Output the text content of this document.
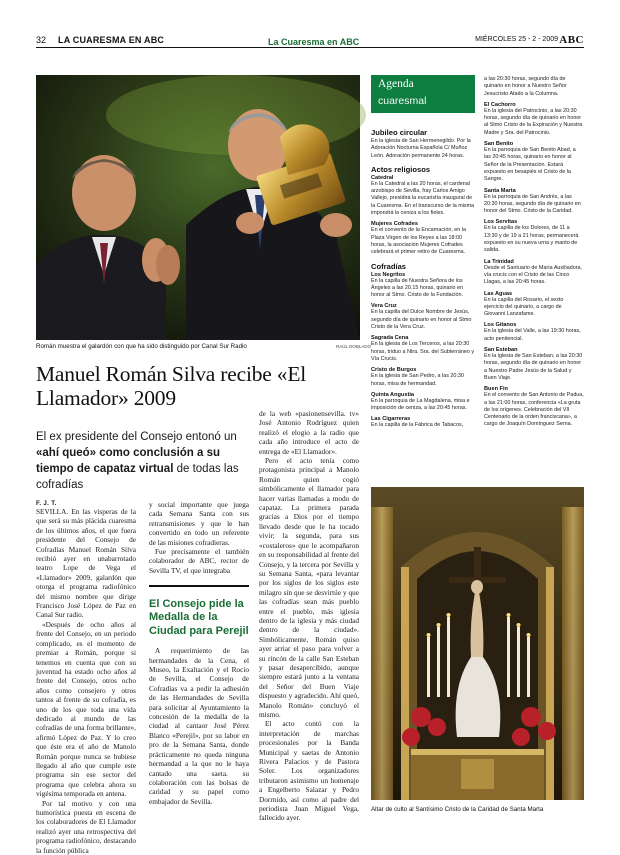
32 LA CUARESMA EN ABC	La Cuaresma en ABC	MIÉRCOLES 25 - 2 - 2009 ABC
Román muestra el galardón con que ha sido distinguido por Canal Sur Radio	RAÚL DOBLADO
Manuel Román Silva recibe «El Llamador» 2009
El ex presidente del Consejo entonó un «ahí queó» como conclusión a su tiempo de capataz virtual de todas las cofradías
F. J. T.

SEVILLA. En las vísperas de la que será su más plácida cuaresma de los últimos años, el que fuera presidente del Consejo de Cofradías Manuel Román Silva recibió ayer en unabarrotado teatro Lope de Vega el «Llamador» 2009, galardón que otorga el programa radiofónico del mismo nombre que dirige Francisco José López de Paz en Canal Sur radio.

«Después de ocho años al frente del Consejo, en un periodo complicado, es el momento de premiar a Román, porque si tenemos en cuenta que con su juventud ha estado ocho años al frente del Consejo, otros ocho años como consejero y otros tantos al frente de su cofradía, es uno de los que toda una vida dedicado al mundo de las cofradías de una forma brillante», afirmó López de Paz. Y lo creo que éste era el año de Manolo Román porque nunca se hubiese llegado al año que cumple este programa sin ese sector del programa que celebra ahora su vigésima temporada en antena.

Por tal motivo y con una humorística puesta en escena de los colaboradores de El Llamador realizó ayer una retrospectiva del programa radiofónico, destacando la función pública

y social importante que juega cada Semana Santa con sus retransmisiones y que le han convertido en todo un referente de las misiones cofradieras.

Fue precisamente el también colaborador de ABC, rector de Sevilla TV, el que integraba

El Consejo pide la Medalla de la Ciudad para Perejil

A requerimiento de las hermandades de la Cena, el Museo, la Exaltación y el Rocío de Sevilla, el Consejo de Cofradías va a pedir la adhesión de las Hermandades de Sevilla para solicitar al Ayuntamiento la concesión de la medalla de la ciudad al cantaor José Pérez Blanco «Perejil», por su labor en pro de la Semana Santa, donde prácticamente no queda ninguna hermandad a la que no le haya cantado una saeta. su colaboración con las bolsas de caridad y su papel como embajador de Sevilla.

de la web «pasionensevilla. tv» José Antonio Rodríguez quien realizó el elogio a la radio que cada año introduce el acto de entrega de «El Llamador».

Pero el acto tenía como protagonista principal a Manolo Román quien cogió simbólicamente el llamador para hacer varias llamadas a modo de capataz. La primera parada gracias a Dios por el tiempo llevado desde que le ha tocado vivir; la segunda, para sus «costaleros» que le acompañaron en su responsabilidad al frente del Consejo, y la tercera por Sevilla y su Semana Santa, «para levantar por los siglos de los siglos este milagro sin que se desvirtúe y que las cofradías sean más pueblo entre el pueblo, más iglesia dentro de la iglesia y más ciudad dentro de la ciudad». Simbólicamente, Román quiso ayer arriar el paso para volver a su rincón de la calle San Esteban y pasar desapercibido, aunque siempre estará junto a la ventana del Señor del Buen Viaje dispuesto y agradecido. Ahí queó, Manolo Román» concluyó el mismo.

El acto contó con la interpretación de marchas procesionales por la Banda Municipal y saetas de Antonio Rivera Palacios y de Pastora Soler. Los organizadores tributaron asimismo un homenaje a Engelberto Salazar y Pedro Dorrnido, así como al padre del periodista Juan Miguel Vega, fallecido ayer.

Agenda
cuaresmal
Jubileo circular
En la iglesia de San Hermenegildo. Por la Adoración Nocturna Española C/ Muñoz León. Adoración permanente 24 horas.
Actos religiosos
Catedral
En la Catedral a las 20 horas, el cardenal arzobispo de Sevilla, fray Carlos Amigo Vallejo, presidirá la eucaristía inaugural de la Cuaresma. En el transcurso de la misma impondrá la ceniza a los fieles.
Mujeres Cofrades
En el convento de la Encarnación, en la Plaza Virgen de los Reyes a las 18:00 horas, la asociación Mujeres Cofrades celebrará el primer retiro de Cuaresma.
Cofradías
Los Negritos
En la capilla de Nuestra Señora de los Ángeles a las 20.15 horas, quinario en honor al Stmo. Cristo de la Fundación.
Vera Cruz
En la capilla del Dulce Nombre de Jesús, segundo día de quinario en honor al Stmo Cristo de la Vera Cruz.
Sagrada Cena
En la iglesia de Los Terceros, a las 20:30 horas, triduo a Ntra. Sra. del Subterráneo y Vía Crucis.
Cristo de Burgos
En la iglesia de San Pedro, a las 20:30 horas, misa de hermandad.
Quinta Angustia
En la parroquia de La Magdalena, misa e imposición de ceniza, a las 20:45 horas.
Las Cigarreras
En la capilla de la Fábrica de Tabacos,
a las 20:30 horas, segundo día de quinario en honor a Nuestro Señor Jesucristo Atado a la Columna.
El Cachorro
En la iglesia del Patrocinio, a las 20:30 horas, segundo día de quinario en honor al Stmo Cristo de la Expiración y Nuestra Madre y Sra. del Patrocinio.
San Benito
En la parroquia de San Benito Abad, a las 20:45 horas, quinario en honor al Señor de la Presentación. Estará expuesto en besapiés el Cristo de la Sangre.
Santa Marta
En la parroquia de San Andrés, a las 20:30 horas, segundo día de quinario en honor del Stmo. Cristo de la Caridad.
Los Servitas
En la capilla de los Dolores, de 11 a 13:30 y de 19 a 21 horas, permanecerá expuesto en su nueva urna y manto de salida.
La Trinidad
Desde el Santuario de María Auxiliadora, vía crucis con el Cristo de las Cinco Llagas, a las 20:45 horas.
Las Aguas
En la capilla del Rosario, el sexto ejercicio del quinario, a cargo de Giovanni Lanzafame.
Los Gitanos
En la iglesia del Valle, a las 19:30 horas, acto penitencial.
San Esteban
En la iglesia de San Esteban, a las 20:30 horas, segundo día de quinario en honor a Nuestro Padre Jesús de la Salud y Buen Viaje.
Buen Fin
En el convento de San Antonio de Padua, a las 21:00 horas, conferencia «La gruta de los orígenes. Celebración del VII Centenario de la orden franciscana», a cargo de Joaquín Domínguez Serna.
Altar de culto al Santísimo Cristo de la Caridad de Santa Marta
